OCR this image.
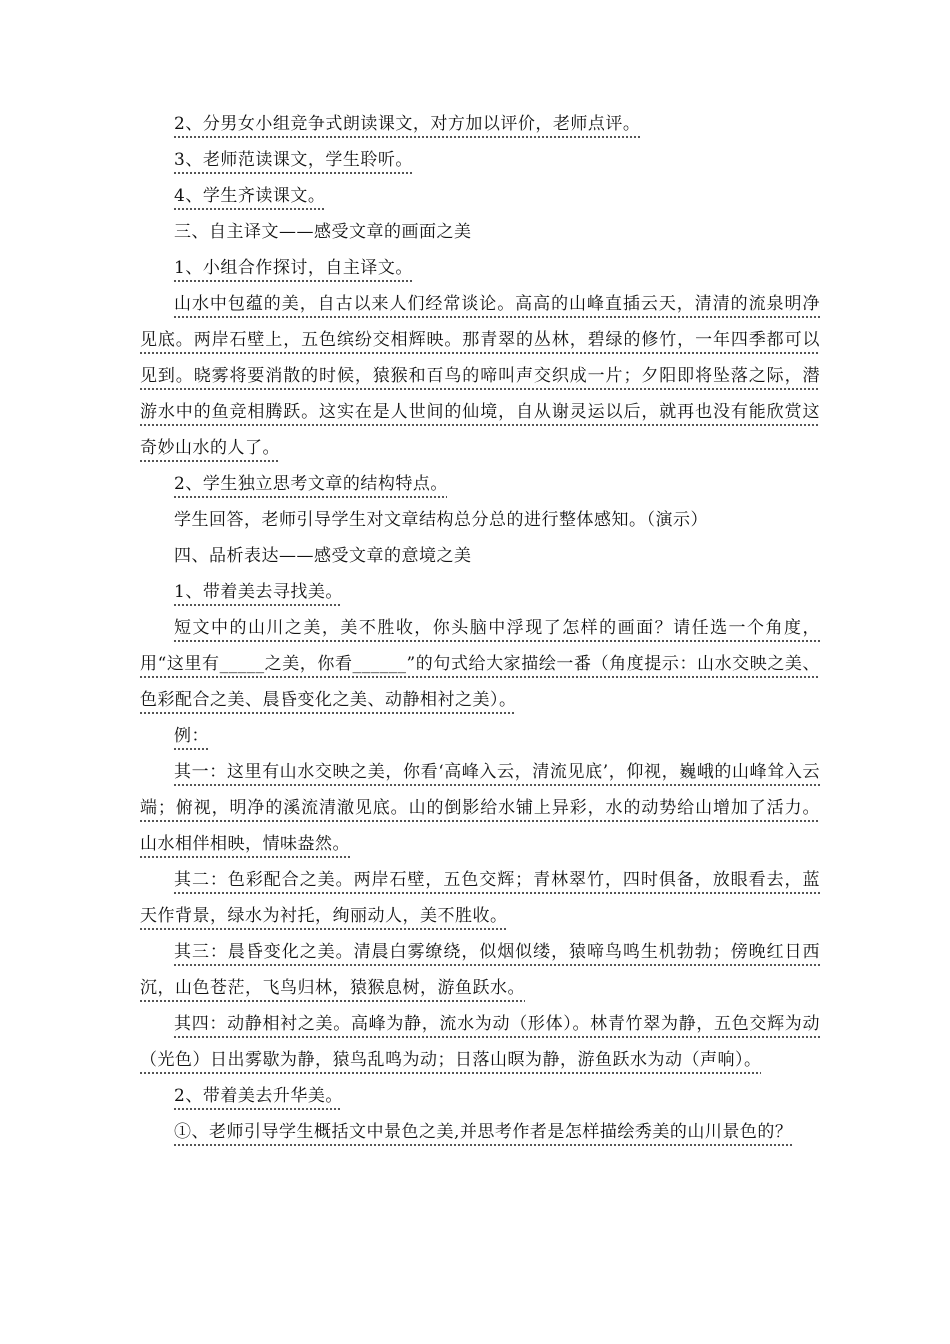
2、分男女小组竞争式朗读课文，对方加以评价，老师点评。

3、老师范读课文，学生聆听。

4、学生齐读课文。

三、自主译文——感受文章的画面之美

1、小组合作探讨，自主译文。

山水中包蕴的美，自古以来人们经常谈论。高高的山峰直插云天，清清的流泉明净见底。两岸石壁上，五色缤纷交相辉映。那青翠的丛林，碧绿的修竹，一年四季都可以见到。晓雾将要消散的时候，猿猴和百鸟的啼叫声交织成一片；夕阳即将坠落之际，潜游水中的鱼竞相腾跃。这实在是人世间的仙境，自从谢灵运以后，就再也没有能欣赏这奇妙山水的人了。

2、学生独立思考文章的结构特点。

学生回答，老师引导学生对文章结构总分总的进行整体感知。（演示）

四、品析表达——感受文章的意境之美

1、带着美去寻找美。

短文中的山川之美，美不胜收，你头脑中浮现了怎样的画面？请任选一个角度，用“这里有_____之美，你看______”的句式给大家描绘一番（角度提示：山水交映之美、色彩配合之美、晨昏变化之美、动静相衬之美）。

例：

其一：这里有山水交映之美，你看‘高峰入云，清流见底’，仰视，巍峨的山峰耸入云端；俯视，明净的溪流清澈见底。山的倒影给水铺上异彩，水的动势给山增加了活力。山水相伴相映，情味盎然。

其二：色彩配合之美。两岸石壁，五色交辉；青林翠竹，四时俱备，放眼看去，蓝天作背景，绿水为衬托，绚丽动人，美不胜收。

其三：晨昏变化之美。清晨白雾缭绕，似烟似缕，猿啼鸟鸣生机勃勃；傍晚红日西沉，山色苍茫，飞鸟归林，猿猴息树，游鱼跃水。

其四：动静相衬之美。高峰为静，流水为动（形体）。林青竹翠为静，五色交辉为动（光色）日出雾歇为静，猿鸟乱鸣为动；日落山暝为静，游鱼跃水为动（声响）。

2、带着美去升华美。

①、老师引导学生概括文中景色之美,并思考作者是怎样描绘秀美的山川景色的？
